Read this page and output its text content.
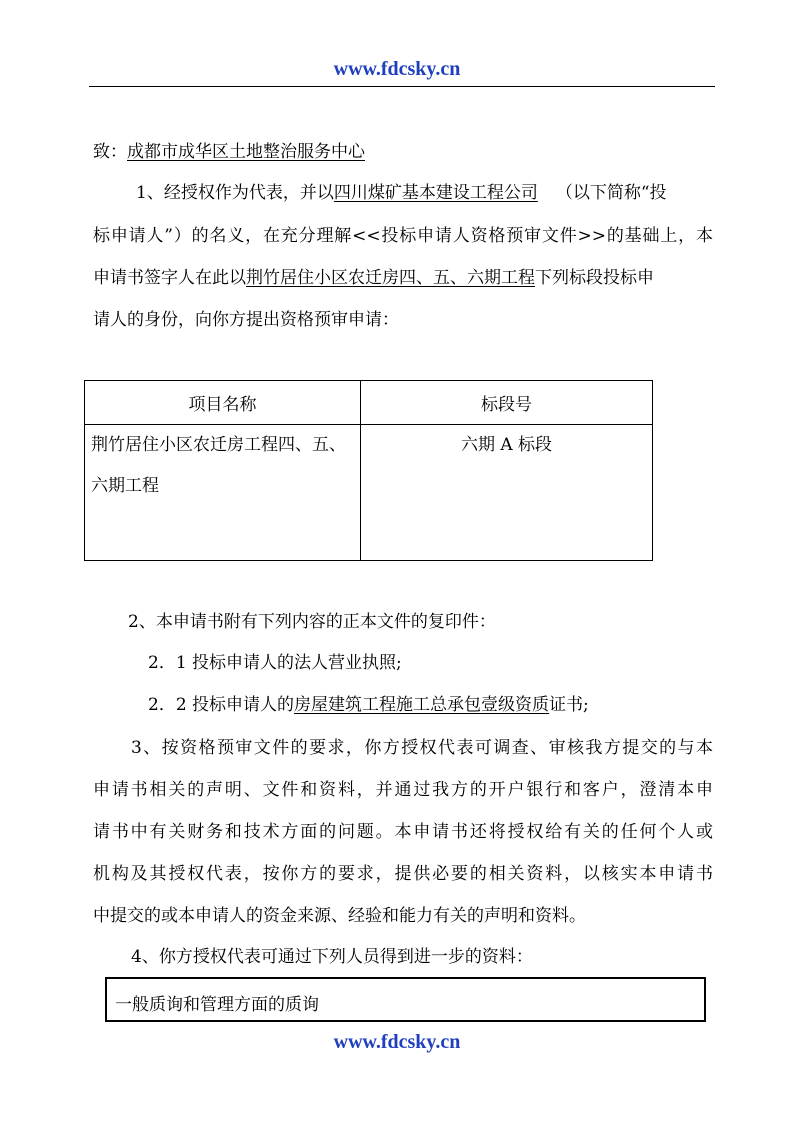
www.fdcsky.cn
致：成都市成华区土地整治服务中心
1、经授权作为代表，并以四川煤矿基本建设工程公司 （以下简称“投
标申请人”）的名义，在充分理解<<投标申请人资格预审文件>>的基础上，本
申请书签字人在此以荆竹居住小区农迁房四、五、六期工程下列标段投标申
请人的身份，向你方提出资格预审申请：
项目名称	标段号

荆竹居住小区农迁房工程四、五、
六期工程	六期 A 标段
2、本申请书附有下列内容的正本文件的复印件：
2．1 投标申请人的法人营业执照;
2．2 投标申请人的房屋建筑工程施工总承包壹级资质证书;
3、按资格预审文件的要求，你方授权代表可调查、审核我方提交的与本
申请书相关的声明、文件和资料，并通过我方的开户银行和客户，澄清本申
请书中有关财务和技术方面的问题。本申请书还将授权给有关的任何个人或
机构及其授权代表，按你方的要求，提供必要的相关资料，以核实本申请书
中提交的或本申请人的资金来源、经验和能力有关的声明和资料。
4、你方授权代表可通过下列人员得到进一步的资料：
一般质询和管理方面的质询
www.fdcsky.cn
